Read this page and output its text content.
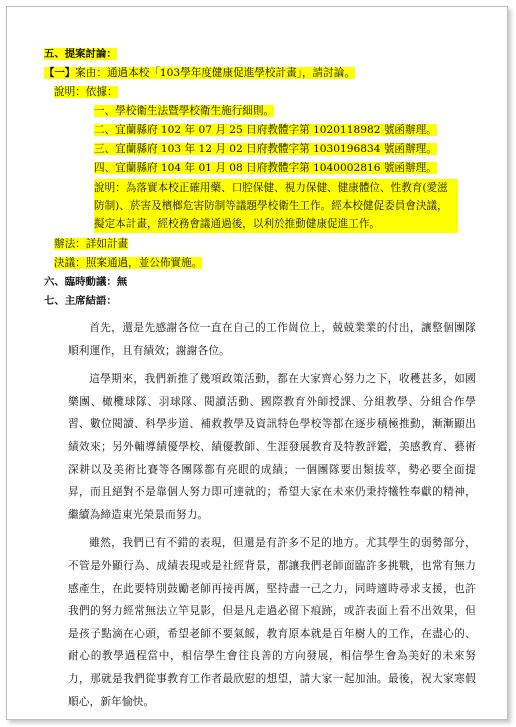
五、提案討論：
【一】案由：通過本校「103學年度健康促進學校計畫」，請討論。
說明：依據：
一、學校衛生法暨學校衛生施行細則。
二、宜蘭縣府 102 年 07 月 25 日府教體字第 1020118982 號函辦理。
三、宜蘭縣府 103 年 12 月 02 日府教體字第 1030196834 號函辦理。
四、宜蘭縣府 104 年 01 月 08 日府教體字第 1040002816 號函辦理。
說明：為落實本校正確用藥、口腔保健、視力保健、健康體位、性教育(愛滋防制)、菸害及檳榔危害防制等議題學校衛生工作。經本校健促委員會決議，擬定本計畫，經校務會議通過後，以利於推動健康促進工作。
辦法：詳如計畫
決議：照案通過，並公佈實施。
六、臨時動議：無
七、主席結語：

首先，還是先感謝各位一直在自己的工作崗位上，兢兢業業的付出，讓整個團隊順利運作，且有績效；謝謝各位。

這學期來，我們新推了幾項政策活動，都在大家齊心努力之下，收穫甚多，如國樂團、橄欖球隊、羽球隊、閱讀活動、國際教育外師授課、分組教學、分組合作學習、數位閱讀、科學步道、補救教學及資訊特色學校等都在逐步積極推動，漸漸顯出績效來；另外輔導績優學校、績優教師、生涯發展教育及特教評鑑，美感教育、藝術深耕以及美術比賽等各團隊都有亮眼的成績；一個團隊要出類拔萃，勢必要全面提昇，而且絕對不是靠個人努力即可達就的；希望大家在未來仍秉持犧牲奉獻的精神，繼續為締造東光榮景而努力。

雖然，我們已有不錯的表現，但還是有許多不足的地方。尤其學生的弱勢部分，不管是外顯行為、成績表現或是社經背景，都讓我們老師面臨許多挑戰，也常有無力感產生，在此要特別鼓勵老師再接再厲，堅持盡一己之力，同時適時尋求支援，也許我們的努力經常無法立竿見影，但是凡走過必留下痕跡，或許表面上看不出效果，但是孩子點滴在心頭，希望老師不要氣餒，教育原本就是百年樹人的工作，在盡心的、耐心的教學過程當中，相信學生會往良善的方向發展，相信學生會為美好的未來努力，那就是我們從事教育工作者最欣慰的想望，請大家一起加油。最後，祝大家寒假順心，新年愉快。
